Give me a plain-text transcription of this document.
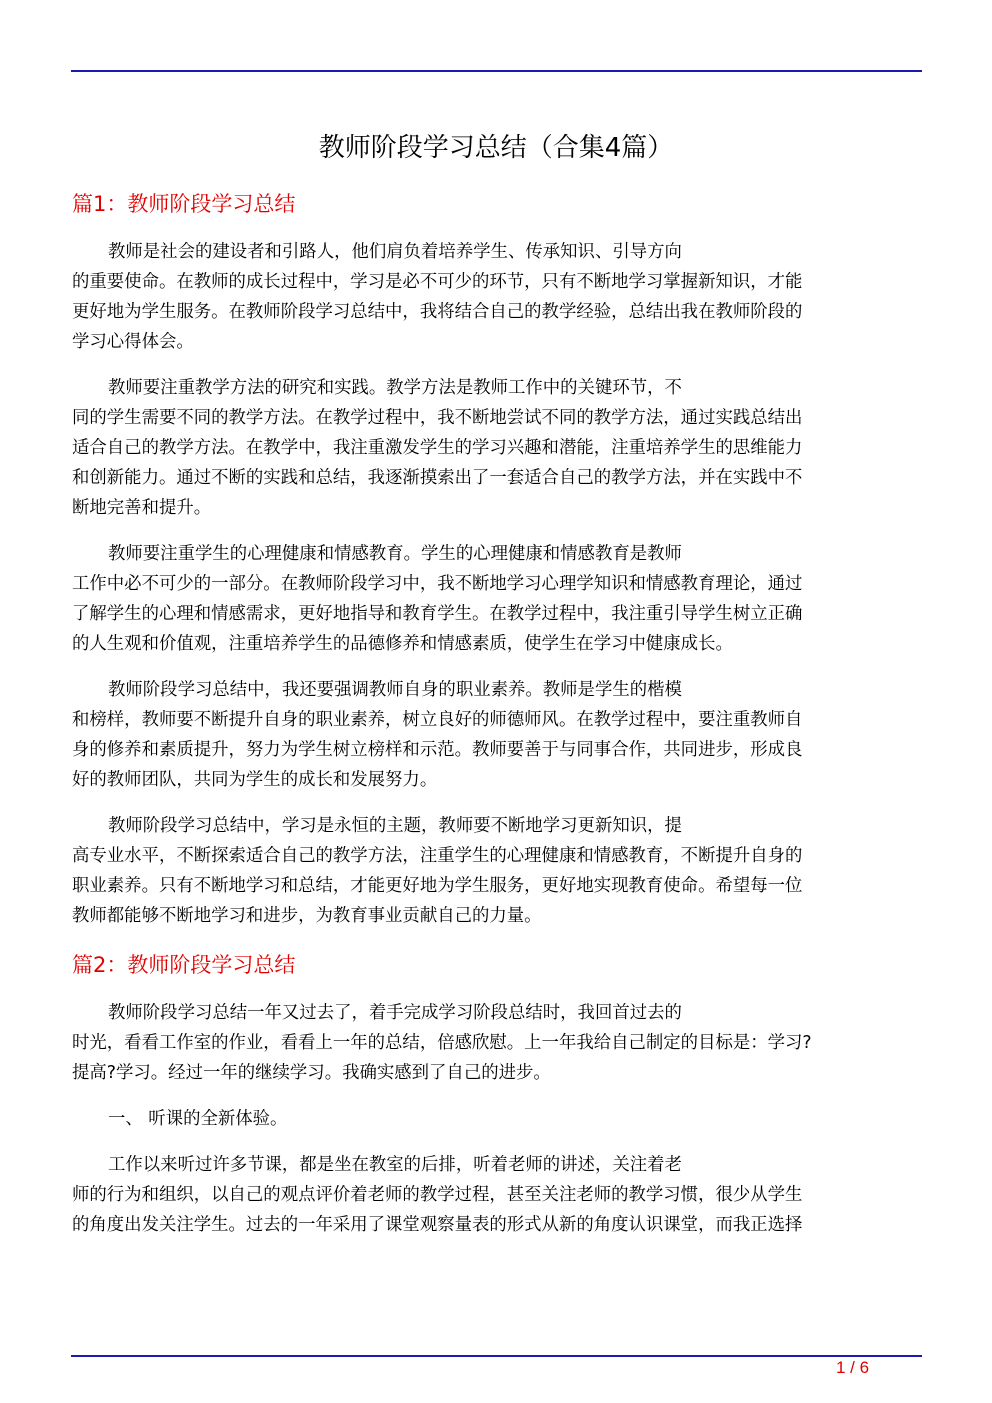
教师阶段学习总结（合集4篇）
篇1：教师阶段学习总结
教师是社会的建设者和引路人，他们肩负着培养学生、传承知识、引导方向
的重要使命。在教师的成长过程中，学习是必不可少的环节，只有不断地学习掌握新知识，才能
更好地为学生服务。在教师阶段学习总结中，我将结合自己的教学经验，总结出我在教师阶段的
学习心得体会。
教师要注重教学方法的研究和实践。教学方法是教师工作中的关键环节，不
同的学生需要不同的教学方法。在教学过程中，我不断地尝试不同的教学方法，通过实践总结出
适合自己的教学方法。在教学中，我注重激发学生的学习兴趣和潜能，注重培养学生的思维能力
和创新能力。通过不断的实践和总结，我逐渐摸索出了一套适合自己的教学方法，并在实践中不
断地完善和提升。
教师要注重学生的心理健康和情感教育。学生的心理健康和情感教育是教师
工作中必不可少的一部分。在教师阶段学习中，我不断地学习心理学知识和情感教育理论，通过
了解学生的心理和情感需求，更好地指导和教育学生。在教学过程中，我注重引导学生树立正确
的人生观和价值观，注重培养学生的品德修养和情感素质，使学生在学习中健康成长。
教师阶段学习总结中，我还要强调教师自身的职业素养。教师是学生的楷模
和榜样，教师要不断提升自身的职业素养，树立良好的师德师风。在教学过程中，要注重教师自
身的修养和素质提升，努力为学生树立榜样和示范。教师要善于与同事合作，共同进步，形成良
好的教师团队，共同为学生的成长和发展努力。
教师阶段学习总结中，学习是永恒的主题，教师要不断地学习更新知识，提
高专业水平，不断探索适合自己的教学方法，注重学生的心理健康和情感教育，不断提升自身的
职业素养。只有不断地学习和总结，才能更好地为学生服务，更好地实现教育使命。希望每一位
教师都能够不断地学习和进步，为教育事业贡献自己的力量。
篇2：教师阶段学习总结
教师阶段学习总结一年又过去了，着手完成学习阶段总结时，我回首过去的
时光，看看工作室的作业，看看上一年的总结，倍感欣慰。上一年我给自己制定的目标是：学习?
提高?学习。经过一年的继续学习。我确实感到了自己的进步。
一、 听课的全新体验。
工作以来听过许多节课，都是坐在教室的后排，听着老师的讲述，关注着老
师的行为和组织，以自己的观点评价着老师的教学过程，甚至关注老师的教学习惯，很少从学生
的角度出发关注学生。过去的一年采用了课堂观察量表的形式从新的角度认识课堂，而我正选择
1 / 6
